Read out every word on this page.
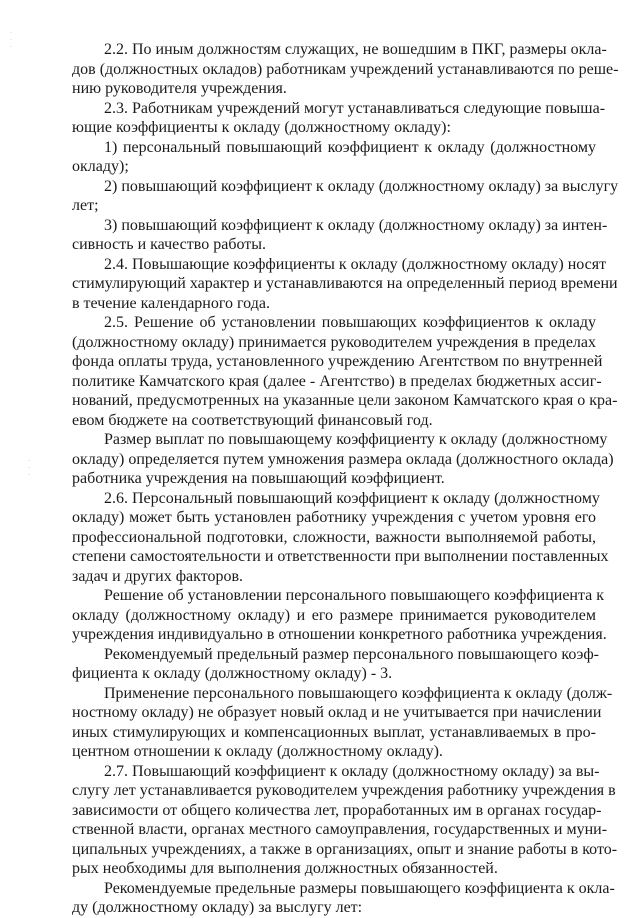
· · ·
· · ·
2.2. По иным должностям служащих, не вошедшим в ПКГ, размеры окла-
дов (должностных окладов) работникам учреждений устанавливаются по реше-
нию руководителя учреждения.
2.3. Работникам учреждений могут устанавливаться следующие повыша-
ющие коэффициенты к окладу (должностному окладу):
1) персональный повышающий коэффициент к окладу (должностному
окладу);
2) повышающий коэффициент к окладу (должностному окладу) за выслугу
лет;
3) повышающий коэффициент к окладу (должностному окладу) за интен-
сивность и качество работы.
2.4. Повышающие коэффициенты к окладу (должностному окладу) носят
стимулирующий характер и устанавливаются на определенный период времени
в течение календарного года.
2.5. Решение об установлении повышающих коэффициентов к окладу
(должностному окладу) принимается руководителем учреждения в пределах
фонда оплаты труда, установленного учреждению Агентством по внутренней
политике Камчатского края (далее - Агентство) в пределах бюджетных ассиг-
нований, предусмотренных на указанные цели законом Камчатского края о кра-
евом бюджете на соответствующий финансовый год.
Размер выплат по повышающему коэффициенту к окладу (должностному
окладу) определяется путем умножения размера оклада (должностного оклада)
работника учреждения на повышающий коэффициент.
2.6. Персональный повышающий коэффициент к окладу (должностному
окладу) может быть установлен работнику учреждения с учетом уровня его
профессиональной подготовки, сложности, важности выполняемой работы,
степени самостоятельности и ответственности при выполнении поставленных
задач и других факторов.
Решение об установлении персонального повышающего коэффициента к
окладу (должностному окладу) и его размере принимается руководителем
учреждения индивидуально в отношении конкретного работника учреждения.
Рекомендуемый предельный размер персонального повышающего коэф-
фициента к окладу (должностному окладу) - 3.
Применение персонального повышающего коэффициента к окладу (долж-
ностному окладу) не образует новый оклад и не учитывается при начислении
иных стимулирующих и компенсационных выплат, устанавливаемых в про-
центном отношении к окладу (должностному окладу).
2.7. Повышающий коэффициент к окладу (должностному окладу) за вы-
слугу лет устанавливается руководителем учреждения работнику учреждения в
зависимости от общего количества лет, проработанных им в органах государ-
ственной власти, органах местного самоуправления, государственных и муни-
ципальных учреждениях, а также в организациях, опыт и знание работы в кото-
рых необходимы для выполнения должностных обязанностей.
Рекомендуемые предельные размеры повышающего коэффициента к окла-
ду (должностному окладу) за выслугу лет:
